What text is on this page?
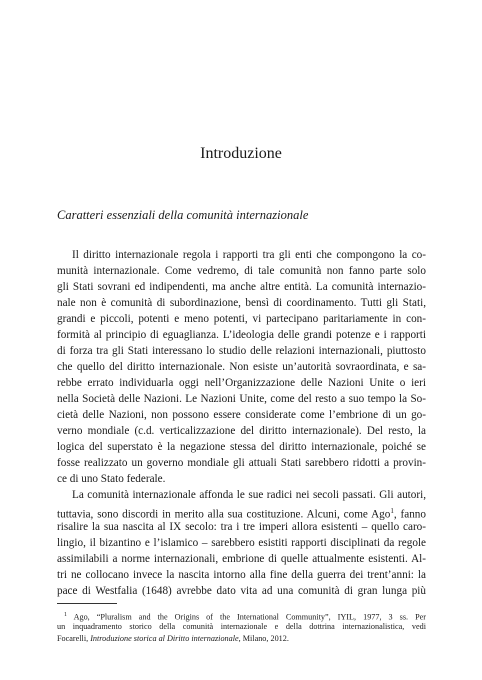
Introduzione
Caratteri essenziali della comunità internazionale
Il diritto internazionale regola i rapporti tra gli enti che compongono la co-
munità internazionale. Come vedremo, di tale comunità non fanno parte solo
gli Stati sovrani ed indipendenti, ma anche altre entità. La comunità internazio-
nale non è comunità di subordinazione, bensì di coordinamento. Tutti gli Stati,
grandi e piccoli, potenti e meno potenti, vi partecipano paritariamente in con-
formità al principio di eguaglianza. L’ideologia delle grandi potenze e i rapporti
di forza tra gli Stati interessano lo studio delle relazioni internazionali, piuttosto
che quello del diritto internazionale. Non esiste un’autorità sovraordinata, e sa-
rebbe errato individuarla oggi nell’Organizzazione delle Nazioni Unite o ieri
nella Società delle Nazioni. Le Nazioni Unite, come del resto a suo tempo la So-
cietà delle Nazioni, non possono essere considerate come l’embrione di un go-
verno mondiale (c.d. verticalizzazione del diritto internazionale). Del resto, la
logica del superstato è la negazione stessa del diritto internazionale, poiché se
fosse realizzato un governo mondiale gli attuali Stati sarebbero ridotti a provin-
ce di uno Stato federale.
La comunità internazionale affonda le sue radici nei secoli passati. Gli autori,
tuttavia, sono discordi in merito alla sua costituzione. Alcuni, come Ago$^1$, fanno
risalire la sua nascita al IX secolo: tra i tre imperi allora esistenti – quello caro-
lingio, il bizantino e l’islamico – sarebbero esistiti rapporti disciplinati da regole
assimilabili a norme internazionali, embrione di quelle attualmente esistenti. Al-
tri ne collocano invece la nascita intorno alla fine della guerra dei trent’anni: la
pace di Westfalia (1648) avrebbe dato vita ad una comunità di gran lunga più
$^1$ Ago, “Pluralism and the Origins of the International Community”, IYIL, 1977, 3 ss. Per
un inquadramento storico della comunità internazionale e della dottrina internazionalistica, vedi
Focarelli, Introduzione storica al Diritto internazionale, Milano, 2012.
